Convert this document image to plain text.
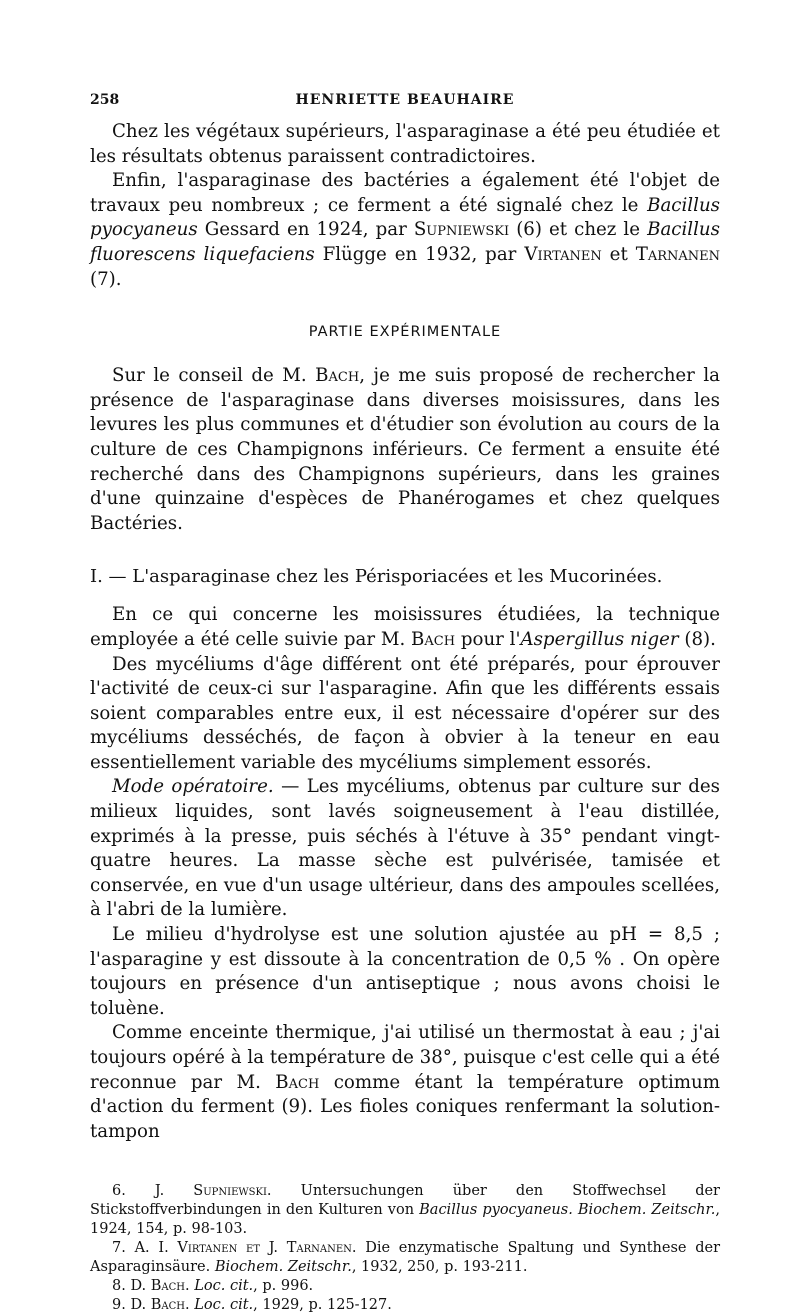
258	HENRIETTE BEAUHAIRE

Chez les végétaux supérieurs, l'asparaginase a été peu étudiée et les résultats obtenus paraissent contradictoires.

Enfin, l'asparaginase des bactéries a également été l'objet de travaux peu nombreux ; ce ferment a été signalé chez le Bacillus pyocyaneus Gessard en 1924, par Supniewski (6) et chez le Bacillus fluorescens liquefaciens Flügge en 1932, par Virtanen et Tarnanen (7).

PARTIE EXPÉRIMENTALE

Sur le conseil de M. Bach, je me suis proposé de rechercher la présence de l'asparaginase dans diverses moisissures, dans les levures les plus communes et d'étudier son évolution au cours de la culture de ces Champignons inférieurs. Ce ferment a ensuite été recherché dans des Champignons supérieurs, dans les graines d'une quinzaine d'espèces de Phanérogames et chez quelques Bactéries.

I. — L'asparaginase chez les Périsporiacées et les Mucorinées.

En ce qui concerne les moisissures étudiées, la technique employée a été celle suivie par M. Bach pour l'Aspergillus niger (8).

Des mycéliums d'âge différent ont été préparés, pour éprouver l'activité de ceux-ci sur l'asparagine. Afin que les différents essais soient comparables entre eux, il est nécessaire d'opérer sur des mycéliums desséchés, de façon à obvier à la teneur en eau essentiellement variable des mycéliums simplement essorés.

Mode opératoire. — Les mycéliums, obtenus par culture sur des milieux liquides, sont lavés soigneusement à l'eau distillée, exprimés à la presse, puis séchés à l'étuve à 35° pendant vingt-quatre heures. La masse sèche est pulvérisée, tamisée et conservée, en vue d'un usage ultérieur, dans des ampoules scellées, à l'abri de la lumière.

Le milieu d'hydrolyse est une solution ajustée au pH = 8,5 ; l'asparagine y est dissoute à la concentration de 0,5 % . On opère toujours en présence d'un antiseptique ; nous avons choisi le toluène.

Comme enceinte thermique, j'ai utilisé un thermostat à eau ; j'ai toujours opéré à la température de 38°, puisque c'est celle qui a été reconnue par M. Bach comme étant la température optimum d'action du ferment (9). Les fioles coniques renfermant la solution-tampon

6. J. Supniewski. Untersuchungen über den Stoffwechsel der Stickstoffverbindungen in den Kulturen von Bacillus pyocyaneus. Biochem. Zeitschr., 1924, 154, p. 98-103.

7. A. I. Virtanen et J. Tarnanen. Die enzymatische Spaltung und Synthese der Asparaginsäure. Biochem. Zeitschr., 1932, 250, p. 193-211.

8. D. Bach. Loc. cit., p. 996.

9. D. Bach. Loc. cit., 1929, p. 125-127.
